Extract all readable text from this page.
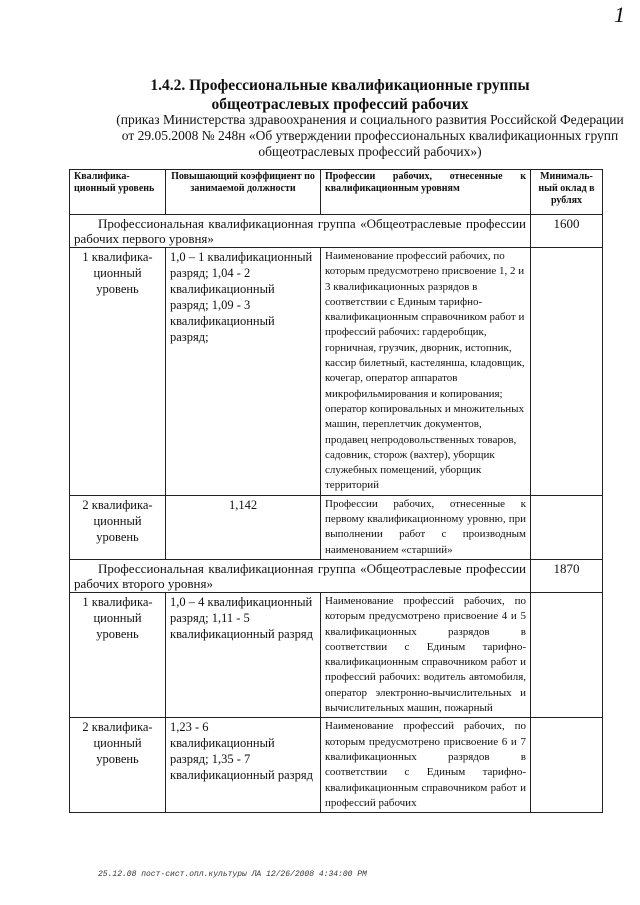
1
1.4.2. Профессиональные квалификационные группы
общеотраслевых профессий рабочих
(приказ Министерства здравоохранения и социального развития Российской Федерации от 29.05.2008 № 248н «Об утверждении профессиональных квалификационных групп общеотраслевых профессий рабочих»)
Квалифика-ционный уровень	Повышающий коэффициент по занимаемой должности	Профессии рабочих, отнесенные к квалификационным уровням	Минималь-ный оклад в рублях
Профессиональная квалификационная группа «Общеотраслевые профессии рабочих первого уровня»			1600
1 квалифика-ционный уровень	1,0 – 1 квалификационный разряд; 1,04 - 2 квалификационный разряд; 1,09 - 3 квалификационный разряд;	Наименование профессий рабочих, по которым предусмотрено присвоение 1, 2 и 3 квалификационных разрядов в соответствии с Единым тарифно-квалификационным справочником работ и профессий рабочих: гардеробщик, горничная, грузчик, дворник, истопник, кассир билетный, кастелянша, кладовщик, кочегар, оператор аппаратов микрофильмирования и копирования; оператор копировальных и множительных машин, переплетчик документов, продавец непродовольственных товаров, садовник, сторож (вахтер), уборщик служебных помещений, уборщик территорий	
2 квалифика-ционный уровень	1,142	Профессии рабочих, отнесенные к первому квалификационному уровню, при выполнении работ с производным наименованием «старший»	
Профессиональная квалификационная группа «Общеотраслевые профессии рабочих второго уровня»			1870
1 квалифика-ционный уровень	1,0 – 4 квалификационный разряд; 1,11 - 5 квалификационный разряд	Наименование профессий рабочих, по которым предусмотрено присвоение 4 и 5 квалификационных разрядов в соответствии с Единым тарифно-квалификационным справочником работ и профессий рабочих: водитель автомобиля, оператор электронно-вычислительных и вычислительных машин, пожарный	
2 квалифика-ционный уровень	1,23 - 6 квалификационный разряд; 1,35 - 7 квалификационный разряд	Наименование профессий рабочих, по которым предусмотрено присвоение 6 и 7 квалификационных разрядов в соответствии с Единым тарифно-квалификационным справочником работ и профессий рабочих	
25.12.08 пост-сист.опл.культуры ЛА 12/26/2008 4:34:00 PM
